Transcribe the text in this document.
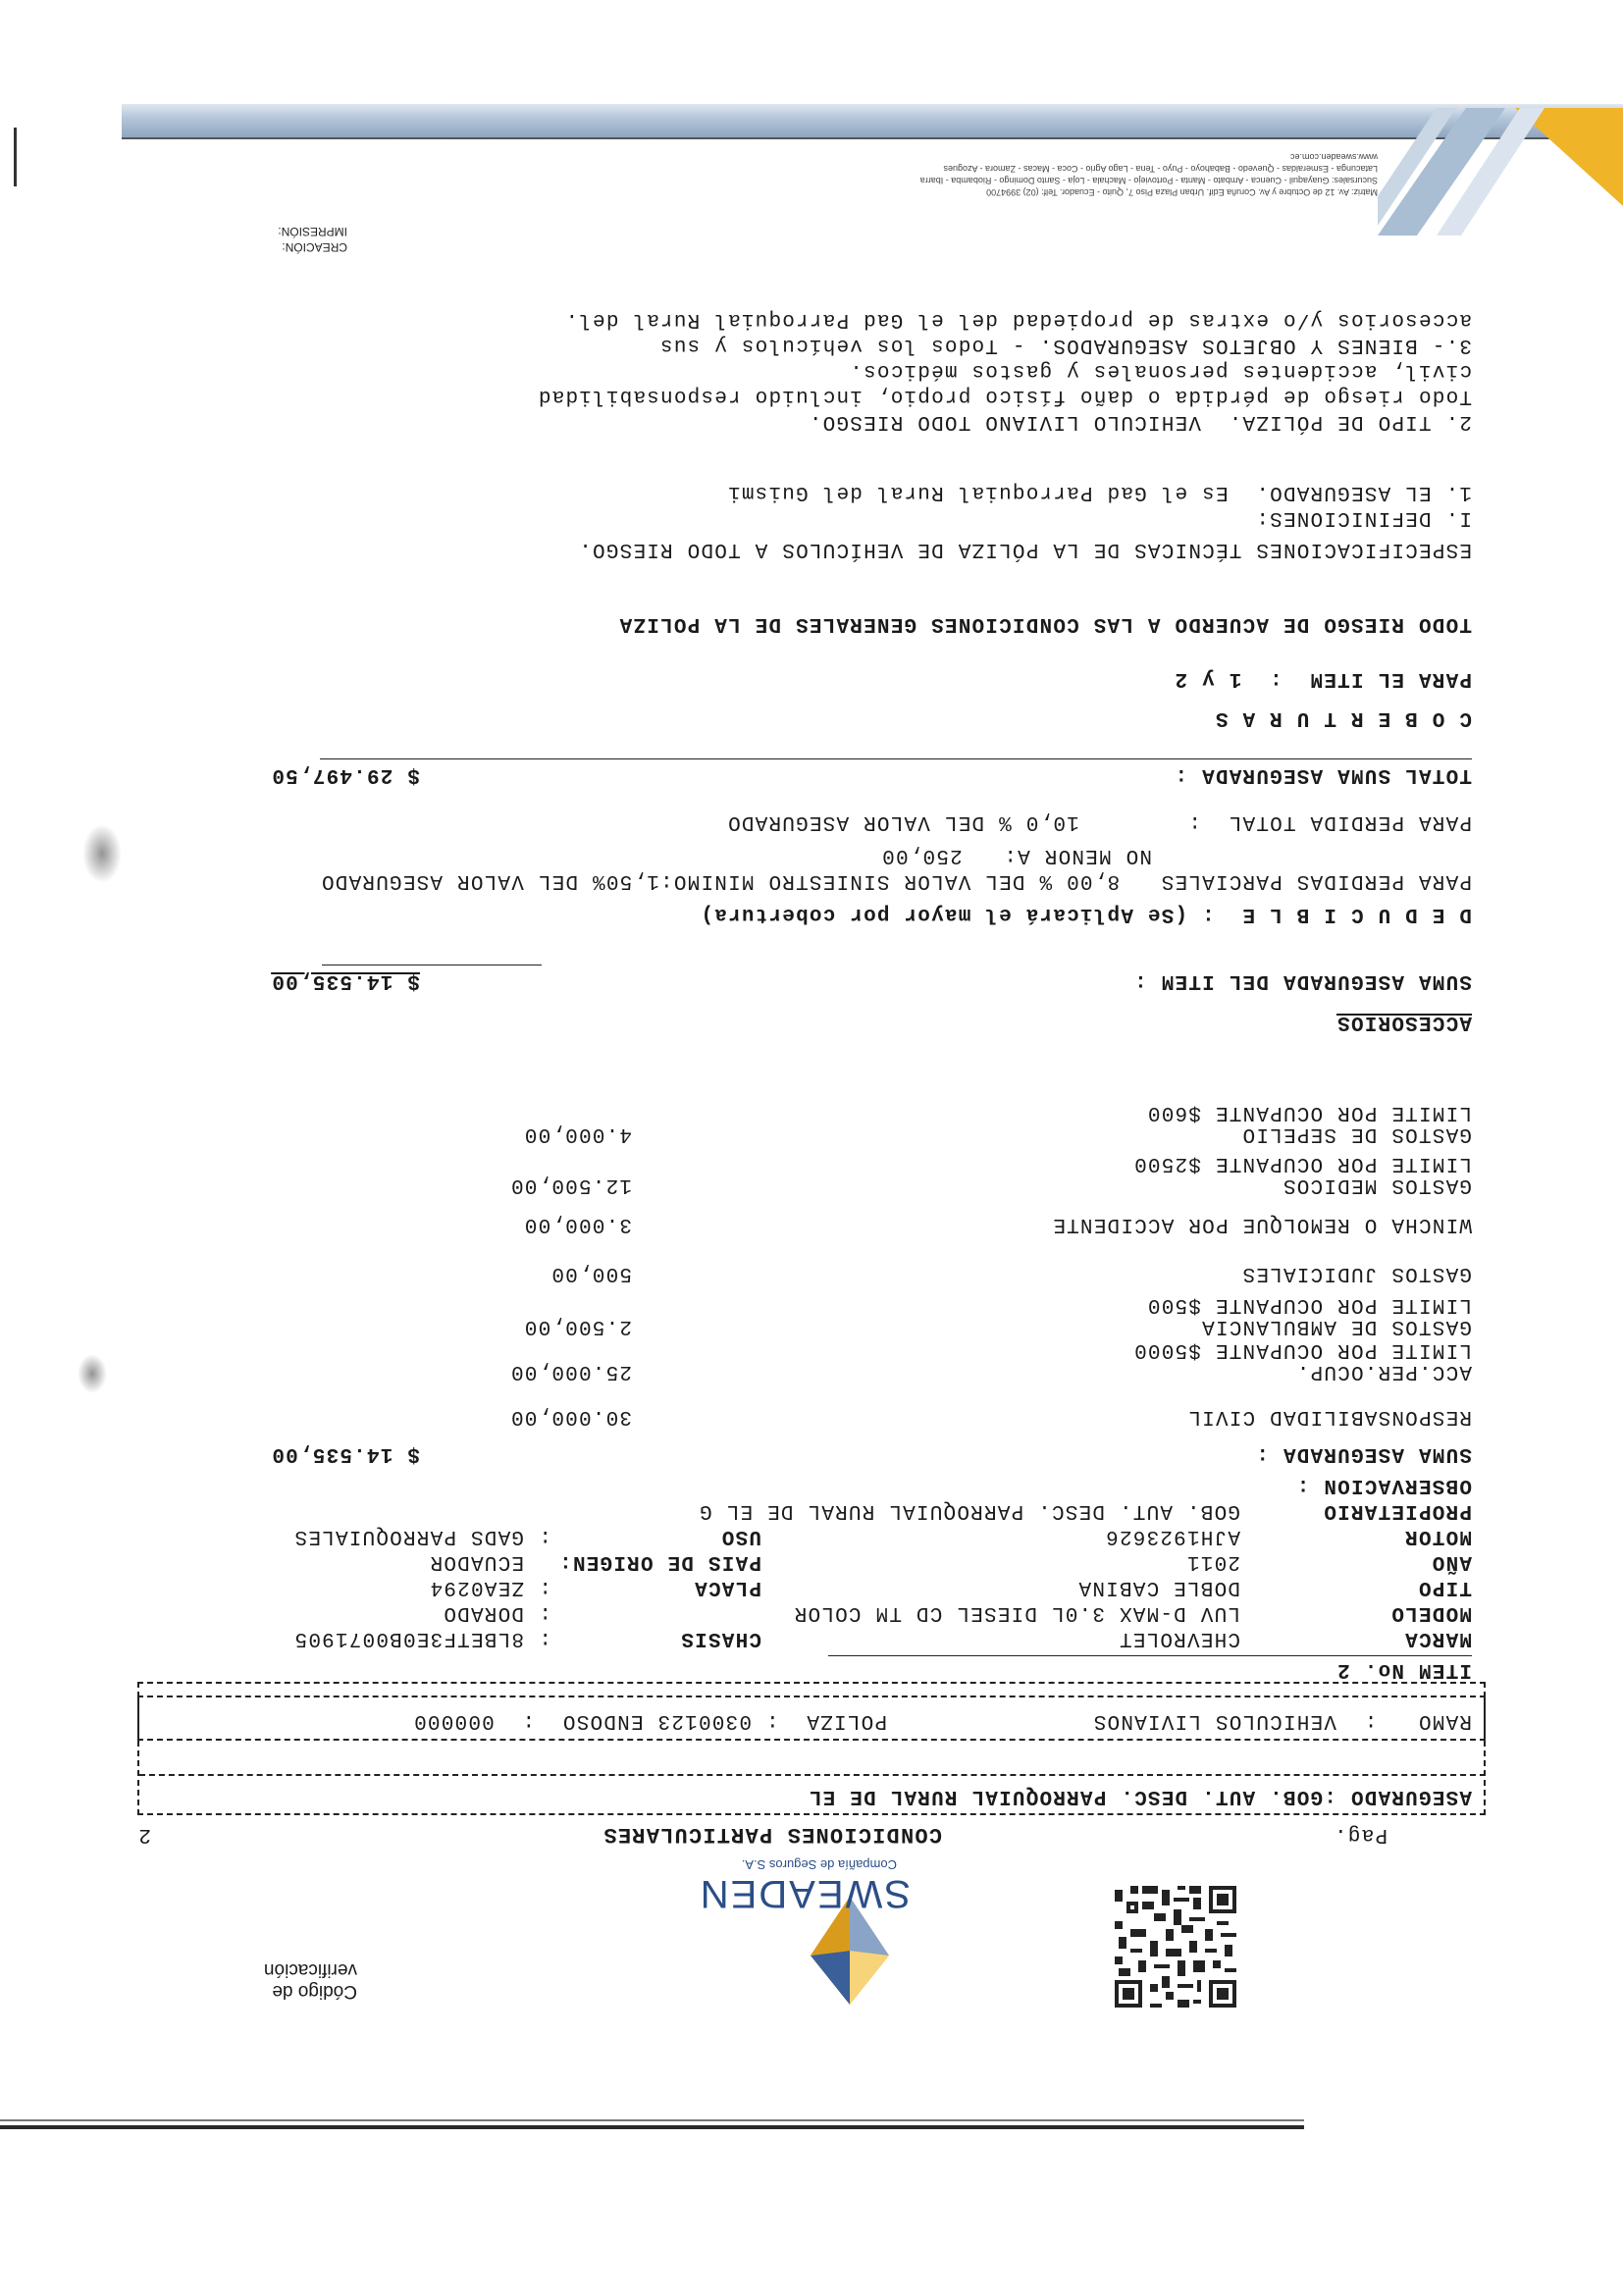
Código de verificación
SWEADEN
Compañía de Seguros S.A.
CONDICIONES PARTICULARES	Pag.
2
ASEGURADO :GOB. AUT. DESC. PARROQUIAL RURAL DE EL
RAMO   :  VEHICULOS LIVIANOS
POLIZA  : 0300123 ENDOSO  :  000000
ITEM No. 2
SUMA ASEGURADA :
$ 14.535,00
ACCESORIOS
SUMA ASEGURADA DEL ITEM :
$ 14.535,00
D E D U C I B L E  : (Se Aplicará el mayor por cobertura)
PARA PERDIDAS PARCIALES   8,00 % DEL VALOR SINIESTRO MINIMO:1,50% DEL VALOR ASEGURADO
NO MENOR A:   250,00
PARA PERDIDA TOTAL  :        10,0 % DEL VALOR ASEGURADO
TOTAL SUMA ASEGURADA :
$ 29.497,50
C O B E R T U R A S
PARA EL ITEM  :  1 y 2
TODO RIESGO DE ACUERDO A LAS CONDICIONES GENERALES DE LA POLIZA
ESPECIFICACIONES TÉCNICAS DE LA PÓLIZA DE VEHÍCULOS A TODO RIESGO.
CREACIÓN:
IMPRESIÓN:
Matriz: Av. 12 de Octubre y Av. Coruña Edif. Urban Plaza Piso 7, Quito - Ecuador. Telf: (02) 3994700
Sucursales: Guayaquil - Cuenca - Ambato - Manta - Portoviejo - Machala - Loja - Santo Domingo - Riobamba - Ibarra
Latacunga - Esmeraldas - Quevedo - Babahoyo - Puyo - Tena - Lago Agrio - Coca - Macas - Zamora - Azogues
www.sweaden.com.ec
MARCA
CHEVROLET
CHASIS
:
8LBETF3E0B0071905
MODELO
LUV D-MAX 3.0L DIESEL CD TM COLOR
:
DORADO
TIPO
DOBLE CABINA
PLACA
:
ZEA0294
AÑO
2011
PAIS DE ORIGEN:
ECUADOR
MOTOR
AJH1923626
USO
:
GADS PARROQUIALES
PROPIETARIO
GOB. AUT. DESC. PARROQUIAL RURAL DE EL G
OBSERVACION :
RESPONSABILIDAD CIVIL
30.000,00
ACC.PER.OCUP.
25.000,00
LIMITE POR OCUPANTE $5000
GASTOS DE AMBULANCIA
2.500,00
LIMITE POR OCUPANTE $500
GASTOS JUDICIALES
500,00
WINCHA O REMOLQUE POR ACCIDENTE
3.000,00
GASTOS MEDICOS
12.500,00
LIMITE POR OCUPANTE $2500
GASTOS DE SEPELIO
4.000,00
LIMITE POR OCUPANTE $600
I. DEFINICIONES:
1. EL ASEGURADO.  Es el Gad Parroquial Rural del Guismi
2. TIPO DE PÓLIZA.  VEHICULO LIVIANO TODO RIESGO.
Todo riesgo de pérdida o daño físico propio, incluido responsabilidad
civil, accidentes personales y gastos médicos.
3.- BIENES Y OBJETOS ASEGURADOS. - Todos los vehículos y sus
accesorios y/o extras de propiedad del el Gad Parroquial Rural del.
